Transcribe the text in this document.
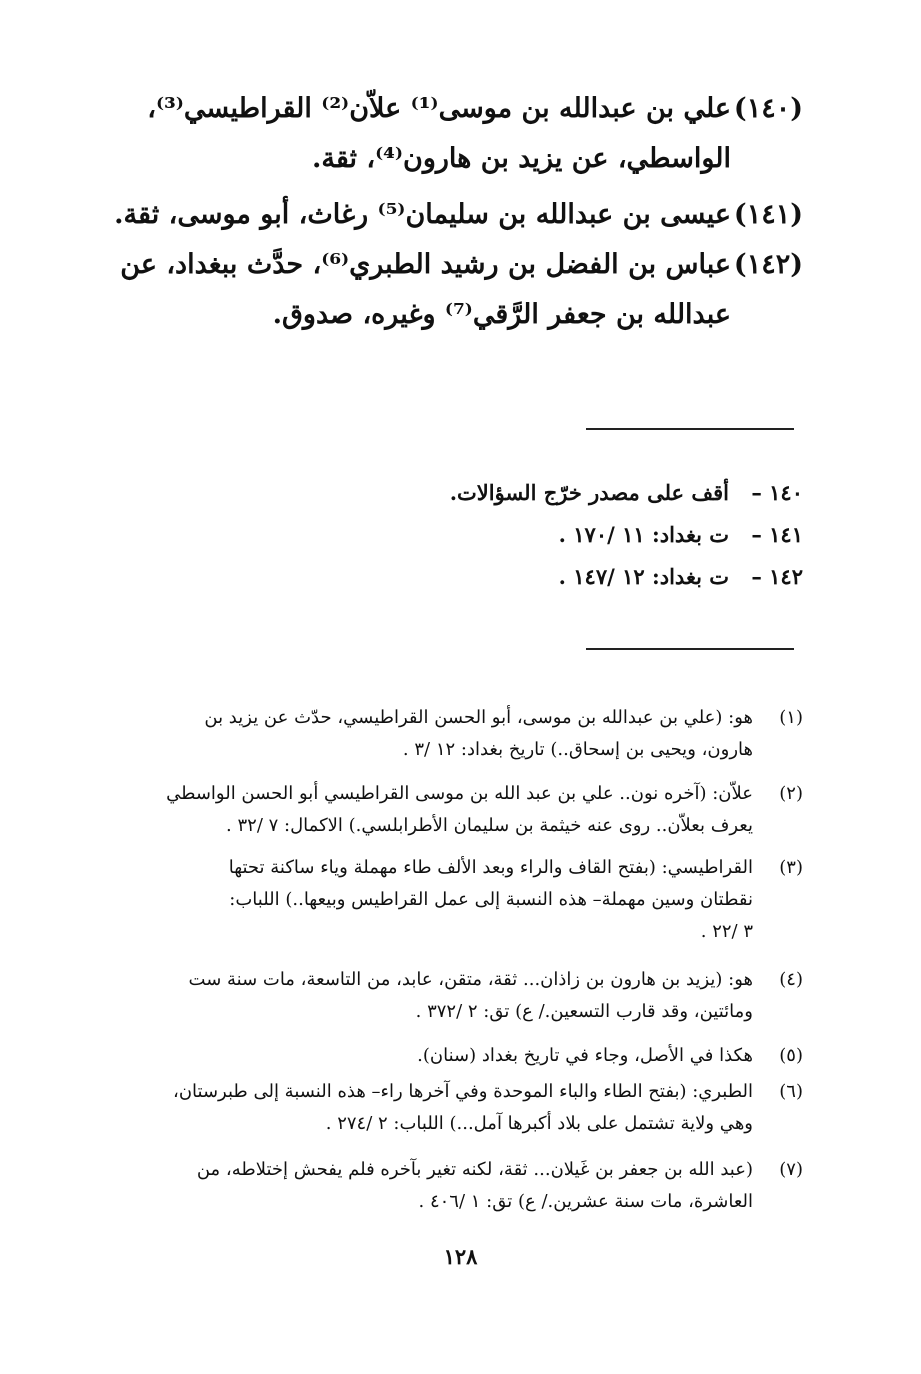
(١٤٠)علي بن عبدالله بن موسى⁽¹⁾ علاّن⁽²⁾ القراطيسي⁽³⁾،
الواسطي، عن يزيد بن هارون⁽⁴⁾، ثقة.
(١٤١)عيسى بن عبدالله بن سليمان⁽⁵⁾ رغاث، أبو موسى، ثقة.
(١٤٢)عباس بن الفضل بن رشيد الطبري⁽⁶⁾، حدَّث ببغداد، عن
عبدالله بن جعفر الرَّقي⁽⁷⁾ وغيره، صدوق.
١٤٠ –أقف على مصدر خرّج السؤالات.
١٤١ –ت بغداد: ١١ /١٧٠ .
١٤٢ –ت بغداد: ١٢ /١٤٧ .
(١)هو: (علي بن عبدالله بن موسى، أبو الحسن القراطيسي، حدّث عن يزيد بن
هارون، ويحيى بن إسحاق..) تاريخ بغداد: ١٢ /٣ .
(٢)علاّن: (آخره نون.. علي بن عبد الله بن موسى القراطيسي أبو الحسن الواسطي
يعرف بعلاّن.. روى عنه خيثمة بن سليمان الأطرابلسي.) الاكمال: ٧ /٣٢ .
(٣)القراطيسي: (بفتح القاف والراء وبعد الألف طاء مهملة وياء ساكنة تحتها
نقطتان وسين مهملة– هذه النسبة إلى عمل القراطيس وبيعها..) اللباب:
٣ /٢٢ .
(٤)هو: (يزيد بن هارون بن زاذان... ثقة، متقن، عابد، من التاسعة، مات سنة ست
ومائتين، وقد قارب التسعين./ ع) تق: ٢ /٣٧٢ .
(٥)هكذا في الأصل، وجاء في تاريخ بغداد (سنان).
(٦)الطبري: (بفتح الطاء والباء الموحدة وفي آخرها راء– هذه النسبة إلى طبرستان،
وهي ولاية تشتمل على بلاد أكبرها آمل...) اللباب: ٢ /٢٧٤ .
(٧)(عبد الله بن جعفر بن غَيلان... ثقة، لكنه تغير بآخره فلم يفحش إختلاطه، من
العاشرة، مات سنة عشرين./ ع) تق: ١ /٤٠٦ .
١٢٨
